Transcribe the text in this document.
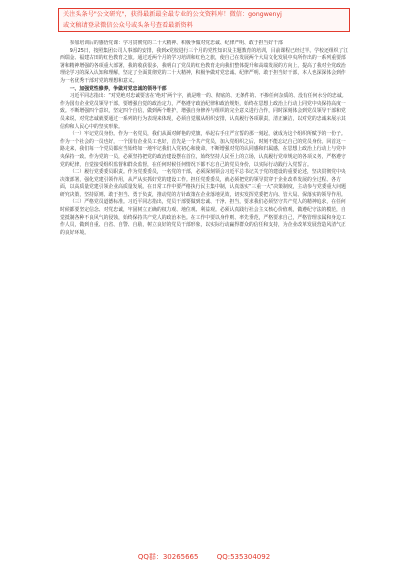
关注头条号"公文研究"，获得最新最全最专业的公文资料库！微信：gongwenyj
或文稿请登录微信公众号或头条号查看最新资料

参加培训后的感悟党课：学习贯彻党的二十大精神、积极争做对党忠诚、纪律严明、敢于担当好干部

9月25日，按照集团公司人事部的安排，我到x党校进行三个月的党性知识及主题教育的培训，目前课程已经过半。学校还组织了江西瑞金、福建古田的红色教育之旅。通过近两个月的学习培训和红色之旅，使自己在发展两个大局文化发展中央所作出的一系列重要部署和精神增强的各项重大部署，我的收获很多，我明白了党员的红色教育走向我们整体提升和高端发展的方向上，提高了我对全党政治理论学习的深入认知和理解，坚定了全面贯彻党的二十大精神，积极争做对党忠诚、纪律严明、敢于担当好干部，本人也深深体会到作为一名优秀干部对党的理想和意义。

一、加强党性修养，争做对党忠诚的领导干部

习近平同志指出：“对党绝对忠诚要害在‘绝对’两个字，就是唯一的、彻底的、无条件的、不掺任何杂质的、没有任何水分的忠诚。作为国有企业党员领导干部，要增强自觉的政治定力，严格遵守政治纪律和政治规矩，始终在思想上政治上行动上同党中央保持高度一致。不断增强四个意识，坚定四个自信，做到两个维护，增强自身修养与组织的完全意义进行合作，同时深刻体会到党员领导干部和党员来说，对党忠诚就要通过一系列的行为表现来体现，必须自觉服从组织安排，认真履行各项职责，清正廉洁，以对党的忠诚来展示其信仰和人民心中的坚实形象。

（一）牢记党员身份。作为一名党员，我们从面对鲜艳的党旗，举起右手庄严宣誓的那一刻起，就成为这个组织所赋予的一份子。作为一个社会的一员也好，一个国有企业员工也好，首先是一个共产党员，加入党组织之后，时刻不能忘记自己的党员身份。回首这一路走来，我们每一个党员都应当始终如一地牢记我们入党初心和使命，不断增强对党的认同感和归属感，在思想上政治上行动上与党中央保持一致。作为党的一员，必须坚持把党的政治建设摆在首位，始终坚持人民至上的立场，认真履行党章规定的各项义务，严格遵守党的纪律，自觉接受组织监督和群众监督，在任何时候任何情况下都不忘自己的党员身份，以实际行动践行入党誓言。

（二）履行党委委员职责。作为党委委员，一名党的干部，必须深刻领会习近平总书记关于党的建设的重要论述，坚决贯彻党中央决策部署，强化党建引领作用，从严从实抓好党的建设工作。担任党委委员，就必须把党的领导贯穿于企业改革发展的全过程、各方面，以高质量党建引领企业高质量发展。在日常工作中要严格执行民主集中制，认真落实“三重一大”决策制度，主动参与党委重大问题研究决策，坚持原则、敢于担当、勇于负责，推动党的方针政策在企业落地见效，切实发挥党委把方向、管大局、保落实的领导作用。

（三）严格党员道德标准。习近平同志指出，党员干部要做到忠诚、干净、担当，要求我们必须坚守共产党人的精神追求，在任何时候都要坚定信念、对党忠诚，牢固树立正确的权力观、地位观、利益观。必须认真践行社会主义核心价值观，做遵纪守法的模范，自觉抵制各种不良风气的侵蚀，始终保持共产党人的政治本色。在工作中要以身作则、率先垂范，严格要求自己，严格管理亲属和身边工作人员，做到自重、自省、自警、自励，树立良好的党员干部形象，以实际行动赢得群众的信任和支持，为企业改革发展营造风清气正的良好环境。

QQ群：30265665	QQ:535304092
